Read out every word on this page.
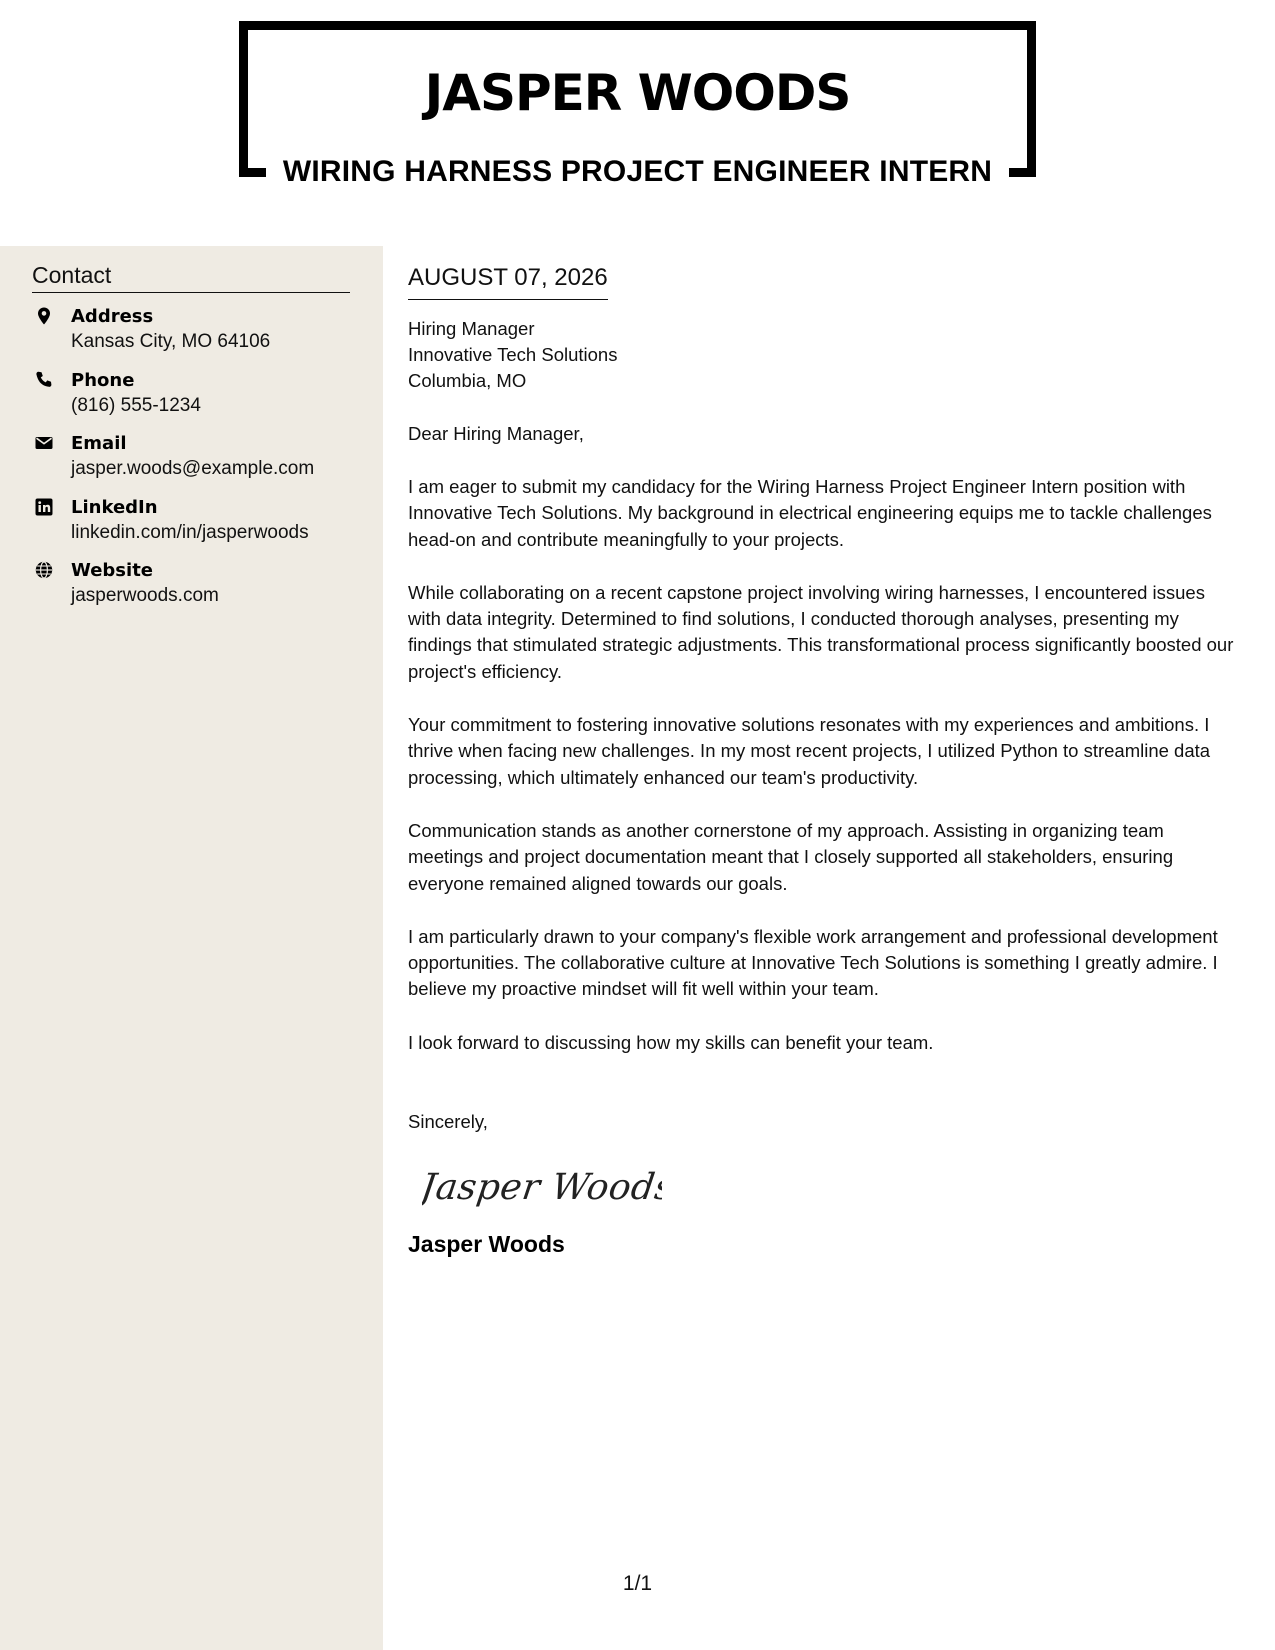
JASPER WOODS
WIRING HARNESS PROJECT ENGINEER INTERN
Contact
Address
Kansas City, MO 64106
Phone
(816) 555-1234
Email
jasper.woods@example.com
LinkedIn
linkedin.com/in/jasperwoods
Website
jasperwoods.com
AUGUST 07, 2026
Hiring Manager
Innovative Tech Solutions
Columbia, MO
Dear Hiring Manager,

I am eager to submit my candidacy for the Wiring Harness Project Engineer Intern position with Innovative Tech Solutions. My background in electrical engineering equips me to tackle challenges head-on and contribute meaningfully to your projects.

While collaborating on a recent capstone project involving wiring harnesses, I encountered issues with data integrity. Determined to find solutions, I conducted thorough analyses, presenting my findings that stimulated strategic adjustments. This transformational process significantly boosted our project's efficiency.

Your commitment to fostering innovative solutions resonates with my experiences and ambitions. I thrive when facing new challenges. In my most recent projects, I utilized Python to streamline data processing, which ultimately enhanced our team's productivity.

Communication stands as another cornerstone of my approach. Assisting in organizing team meetings and project documentation meant that I closely supported all stakeholders, ensuring everyone remained aligned towards our goals.

I am particularly drawn to your company's flexible work arrangement and professional development opportunities. The collaborative culture at Innovative Tech Solutions is something I greatly admire. I believe my proactive mindset will fit well within your team.

I look forward to discussing how my skills can benefit your team.

Sincerely,
Jasper Woods
Jasper Woods
1/1
